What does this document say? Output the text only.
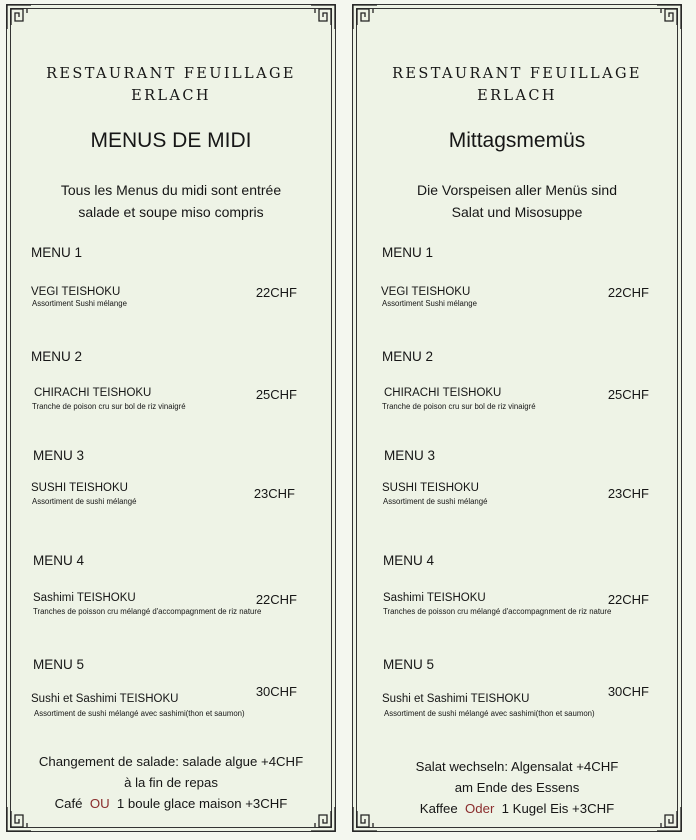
RESTAURANT FEUILLAGE
ERLACH
MENUS DE MIDI
Tous les Menus du midi sont entrée
salade et soupe miso compris
MENU 1
VEGI TEISHOKU
Assortiment Sushi mélange
22CHF
MENU 2
CHIRACHI TEISHOKU
Tranche de poison cru sur bol de riz vinaigré
25CHF
MENU 3
SUSHI TEISHOKU
Assortiment de sushi mélangé
23CHF
MENU 4
Sashimi TEISHOKU
Tranches de poisson cru mélangé d'accompagnment de riz nature
22CHF
MENU 5
Sushi et Sashimi TEISHOKU
Assortiment de sushi mélangé avec sashimi(thon et saumon)
30CHF
Changement de salade: salade algue +4CHF
à la fin de repas
Café OU 1 boule glace maison +3CHF
RESTAURANT FEUILLAGE
ERLACH
Mittagsmemüs
Die Vorspeisen aller Menüs sind
Salat und Misosuppe
MENU 1
VEGI TEISHOKU
Assortiment Sushi mélange
22CHF
MENU 2
CHIRACHI TEISHOKU
Tranche de poison cru sur bol de riz vinaigré
25CHF
MENU 3
SUSHI TEISHOKU
Assortiment de sushi mélangé
23CHF
MENU 4
Sashimi TEISHOKU
Tranches de poisson cru mélangé d'accompagnment de riz nature
22CHF
MENU 5
Sushi et Sashimi TEISHOKU
Assortiment de sushi mélangé avec sashimi(thon et saumon)
30CHF
Salat wechseln: Algensalat +4CHF
am Ende des Essens
Kaffee Oder 1 Kugel Eis +3CHF
